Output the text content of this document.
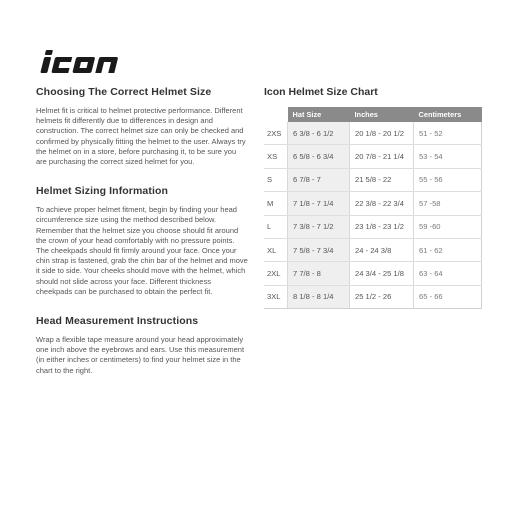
Choosing The Correct Helmet Size

Helmet fit is critical to helmet protective performance. Different helmets fit differently due to differences in design and construction. The correct helmet size can only be checked and confirmed by physically fitting the helmet to the user. Always try the helmet on in a store, before purchasing it, to be sure you are purchasing the correct sized helmet for you.

Helmet Sizing Information

To achieve proper helmet fitment, begin by finding your head circumference size using the method described below. Remember that the helmet size you choose should fit around the crown of your head comfortably with no pressure points. The cheekpads should fit firmly around your face. Once your chin strap is fastened, grab the chin bar of the helmet and move it side to side. Your cheeks should move with the helmet, which should not slide across your face. Different thickness cheekpads can be purchased to obtain the perfect fit.

Head Measurement Instructions

Wrap a flexible tape measure around your head approximately one inch above the eyebrows and ears. Use this measurement (in either inches or centimeters) to find your helmet size in the chart to the right.

Icon Helmet Size Chart
	Hat Size	Inches	Centimeters
2XS	6 3/8 - 6 1/2	20 1/8 - 20 1/2	51 - 52
XS	6 5/8 - 6 3/4	20 7/8 - 21 1/4	53 - 54
S	6 7/8 - 7	21 5/8 - 22	55 - 56
M	7 1/8 - 7 1/4	22 3/8 - 22 3/4	57 -58
L	7 3/8 - 7 1/2	23 1/8 - 23 1/2	59 -60
XL	7 5/8 - 7 3/4	24 - 24 3/8	61 - 62
2XL	7 7/8 - 8	24 3/4 - 25 1/8	63 - 64
3XL	8 1/8 - 8 1/4	25 1/2 - 26	65 - 66
